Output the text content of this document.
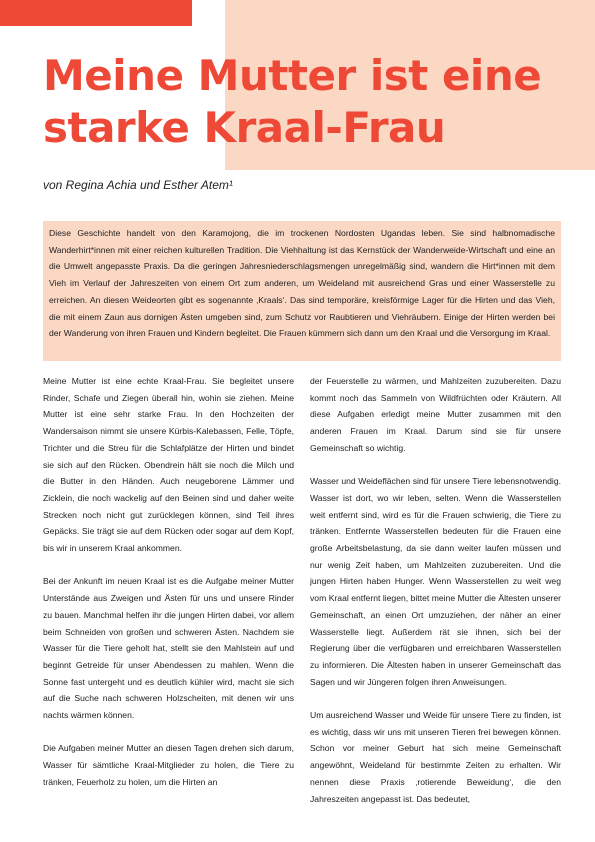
Meine Mutter ist eine
starke Kraal-Frau

von Regina Achia und Esther Atem¹

Diese Geschichte handelt von den Karamojong, die im trockenen Nordosten Ugandas leben. Sie sind halbnomadische Wanderhirt*innen mit einer reichen kulturellen Tradition. Die Viehhaltung ist das Kernstück der Wanderweide-Wirtschaft und eine an die Umwelt angepasste Praxis. Da die geringen Jahresniederschlagsmengen unregelmäßig sind, wandern die Hirt*innen mit dem Vieh im Verlauf der Jahreszeiten von einem Ort zum anderen, um Weideland mit ausreichend Gras und einer Wasserstelle zu erreichen. An diesen Weideorten gibt es sogenannte ‚Kraals‘. Das sind temporäre, kreisförmige Lager für die Hirten und das Vieh, die mit einem Zaun aus dornigen Ästen umgeben sind, zum Schutz vor Raubtieren und Viehräubern. Einige der Hirten werden bei der Wanderung von ihren Frauen und Kindern begleitet. Die Frauen kümmern sich dann um den Kraal und die Versorgung im Kraal.

Meine Mutter ist eine echte Kraal-Frau. Sie begleitet unsere Rinder, Schafe und Ziegen überall hin, wohin sie ziehen. Meine Mutter ist eine sehr starke Frau. In den Hochzeiten der Wandersaison nimmt sie unsere Kürbis-Kalebassen, Felle, Töpfe, Trichter und die Streu für die Schlafplätze der Hirten und bindet sie sich auf den Rücken. Obendrein hält sie noch die Milch und die Butter in den Händen. Auch neugeborene Lämmer und Zicklein, die noch wackelig auf den Beinen sind und daher weite Strecken noch nicht gut zurücklegen können, sind Teil ihres Gepäcks. Sie trägt sie auf dem Rücken oder sogar auf dem Kopf, bis wir in unserem Kraal ankommen.

Bei der Ankunft im neuen Kraal ist es die Aufgabe meiner Mutter Unterstände aus Zweigen und Ästen für uns und unsere Rinder zu bauen. Manchmal helfen ihr die jungen Hirten dabei, vor allem beim Schneiden von großen und schweren Ästen. Nachdem sie Wasser für die Tiere geholt hat, stellt sie den Mahlstein auf und beginnt Getreide für unser Abendessen zu mahlen. Wenn die Sonne fast untergeht und es deutlich kühler wird, macht sie sich auf die Suche nach schweren Holzscheiten, mit denen wir uns nachts wärmen können.

Die Aufgaben meiner Mutter an diesen Tagen drehen sich darum, Wasser für sämtliche Kraal-Mitglieder zu holen, die Tiere zu tränken, Feuerholz zu holen, um die Hirten an

der Feuerstelle zu wärmen, und Mahlzeiten zuzubereiten. Dazu kommt noch das Sammeln von Wildfrüchten oder Kräutern. All diese Aufgaben erledigt meine Mutter zusammen mit den anderen Frauen im Kraal. Darum sind sie für unsere Gemeinschaft so wichtig.

Wasser und Weideflächen sind für unsere Tiere lebensnotwendig. Wasser ist dort, wo wir leben, selten. Wenn die Wasserstellen weit entfernt sind, wird es für die Frauen schwierig, die Tiere zu tränken. Entfernte Wasserstellen bedeuten für die Frauen eine große Arbeitsbelastung, da sie dann weiter laufen müssen und nur wenig Zeit haben, um Mahlzeiten zuzubereiten. Und die jungen Hirten haben Hunger. Wenn Wasserstellen zu weit weg vom Kraal entfernt liegen, bittet meine Mutter die Ältesten unserer Gemeinschaft, an einen Ort umzuziehen, der näher an einer Wasserstelle liegt. Außerdem rät sie ihnen, sich bei der Regierung über die verfügbaren und erreichbaren Wasserstellen zu informieren. Die Ältesten haben in unserer Gemeinschaft das Sagen und wir Jüngeren folgen ihren Anweisungen.

Um ausreichend Wasser und Weide für unsere Tiere zu finden, ist es wichtig, dass wir uns mit unseren Tieren frei bewegen können. Schon vor meiner Geburt hat sich meine Gemeinschaft angewöhnt, Weideland für bestimmte Zeiten zu erhalten. Wir nennen diese Praxis ‚rotierende Beweidung‘, die den Jahreszeiten angepasst ist. Das bedeutet,
